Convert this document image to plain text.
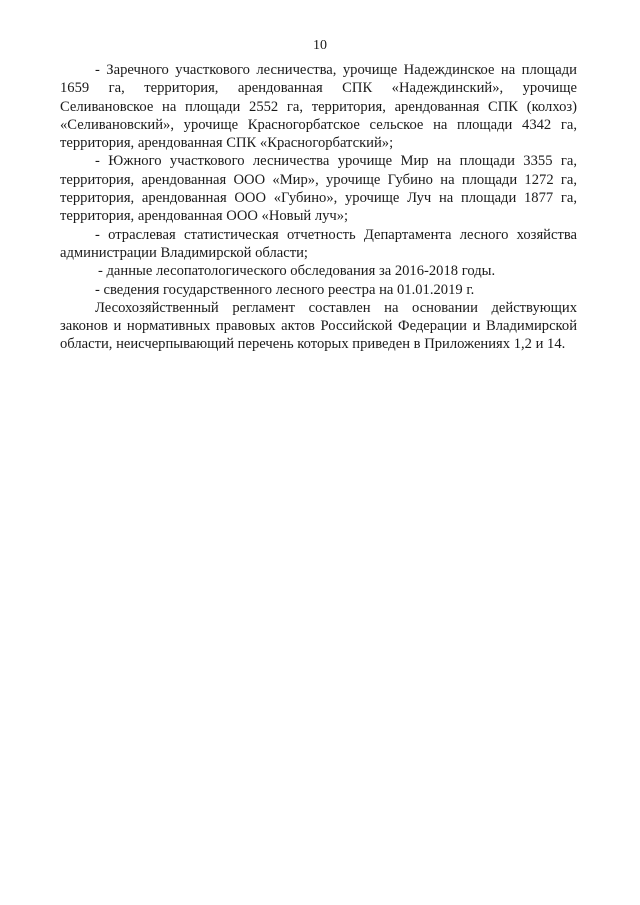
10

- Заречного участкового лесничества, урочище Надеждинское на площади 1659 га, территория, арендованная СПК «Надеждинский», урочище Селивановское на площади 2552 га, территория, арендованная СПК (колхоз) «Селивановский», урочище Красногорбатское сельское на площади 4342 га, территория, арендованная СПК «Красногорбатский»;

- Южного участкового лесничества урочище Мир на площади 3355 га, территория, арендованная ООО «Мир», урочище Губино на площади 1272 га, территория, арендованная ООО «Губино», урочище Луч на площади 1877 га, территория, арендованная ООО «Новый луч»;

- отраслевая статистическая отчетность Департамента лесного хозяйства администрации Владимирской области;

- данные лесопатологического обследования за 2016-2018 годы.

- сведения государственного лесного реестра на 01.01.2019 г.

Лесохозяйственный регламент составлен на основании действующих законов и нормативных правовых актов Российской Федерации и Владимирской области, неисчерпывающий перечень которых приведен в Приложениях 1,2 и 14.
